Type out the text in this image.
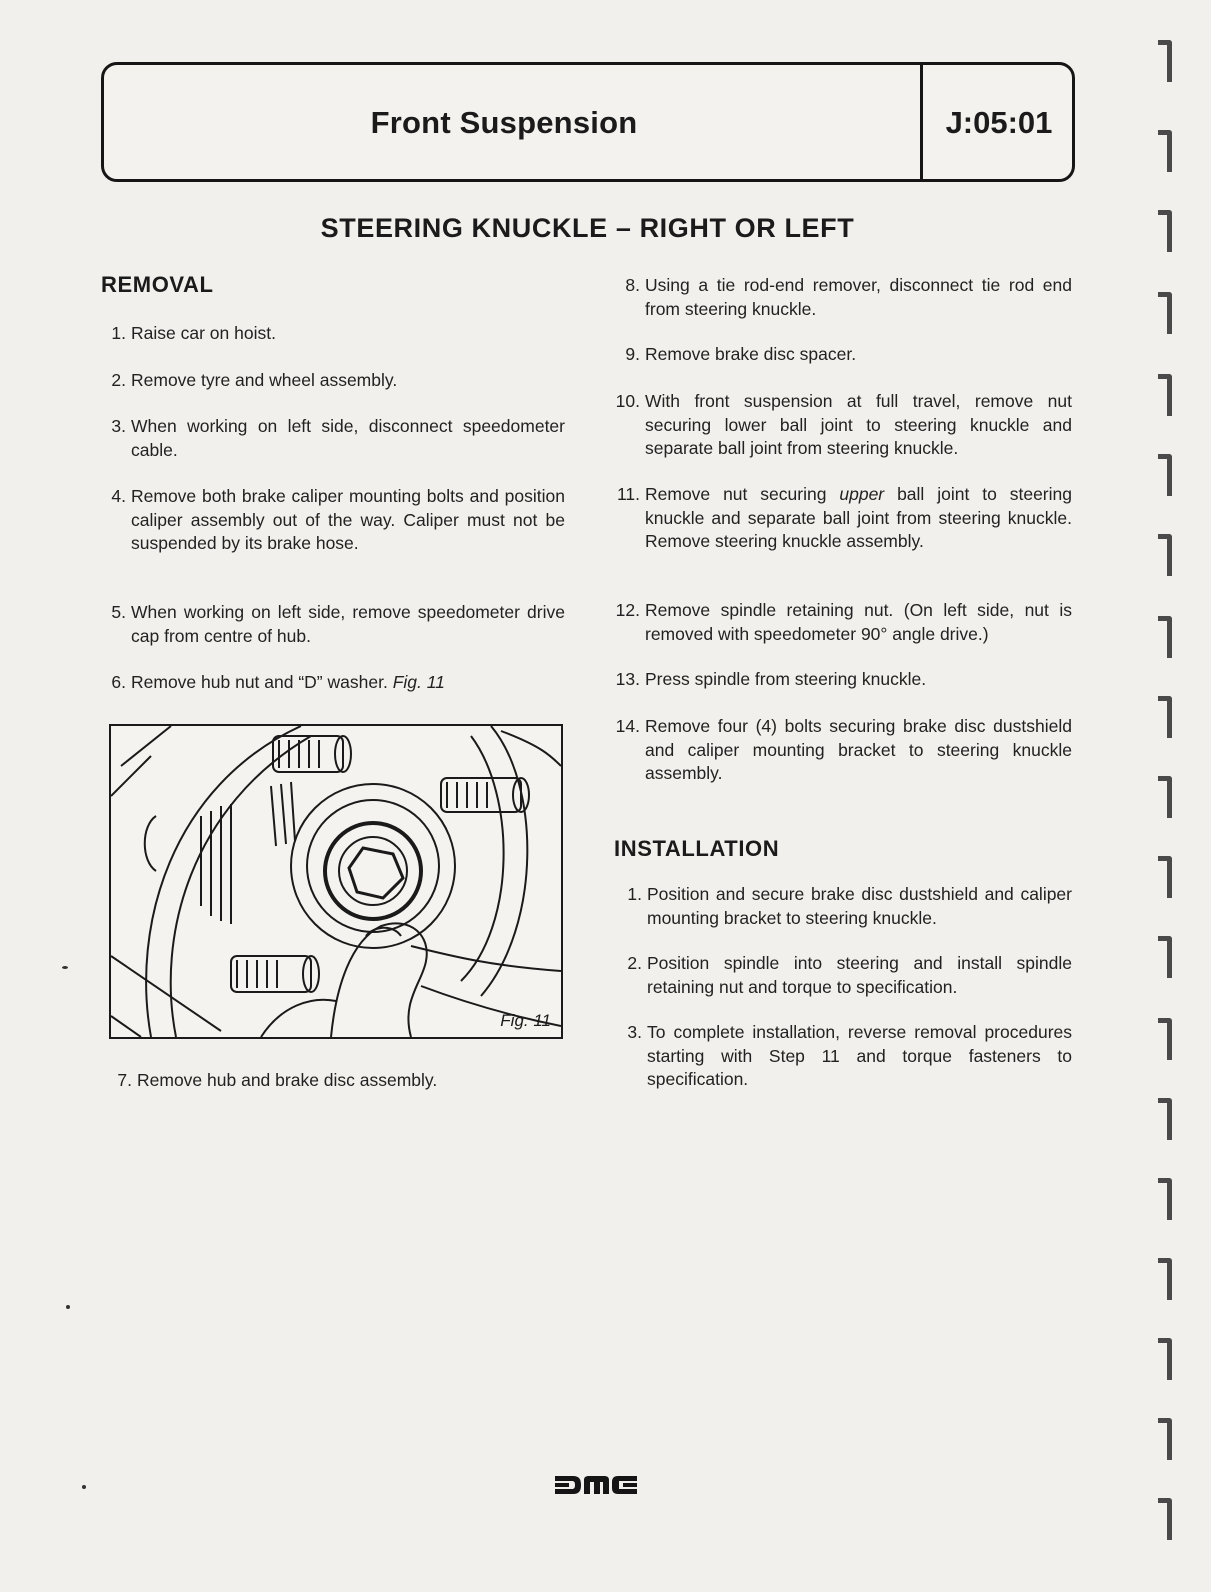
Front Suspension	J:05:01
STEERING KNUCKLE – RIGHT OR LEFT
REMOVAL
1. Raise car on hoist.
2. Remove tyre and wheel assembly.
3. When working on left side, disconnect speedometer cable.
4. Remove both brake caliper mounting bolts and position caliper assembly out of the way. Caliper must not be suspended by its brake hose.
5. When working on left side, remove speedometer drive cap from centre of hub.
6. Remove hub nut and “D” washer. Fig. 11
Fig. 11
7. Remove hub and brake disc assembly.
8. Using a tie rod-end remover, disconnect tie rod end from steering knuckle.
9. Remove brake disc spacer.
10. With front suspension at full travel, remove nut securing lower ball joint to steering knuckle and separate ball joint from steering knuckle.
11. Remove nut securing upper ball joint to steering knuckle and separate ball joint from steering knuckle. Remove steering knuckle assembly.
12. Remove spindle retaining nut. (On left side, nut is removed with speedometer 90° angle drive.)
13. Press spindle from steering knuckle.
14. Remove four (4) bolts securing brake disc dustshield and caliper mounting bracket to steering knuckle assembly.
INSTALLATION
1. Position and secure brake disc dustshield and caliper mounting bracket to steering knuckle.
2. Position spindle into steering and install spindle retaining nut and torque to specification.
3. To complete installation, reverse removal procedures starting with Step 11 and torque fasteners to specification.
